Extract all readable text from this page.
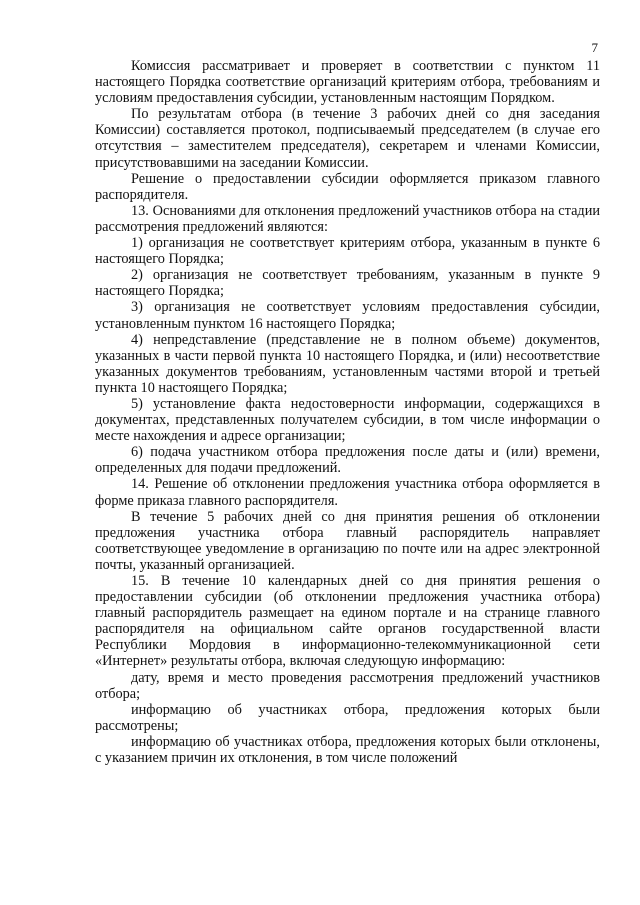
7

Комиссия рассматривает и проверяет в соответствии с пунктом 11 настоящего Порядка соответствие организаций критериям отбора, требованиям и условиям предоставления субсидии, установленным настоящим Порядком.

По результатам отбора (в течение 3 рабочих дней со дня заседания Комиссии) составляется протокол, подписываемый председателем (в случае его отсутствия – заместителем председателя), секретарем и членами Комиссии, присутствовавшими на заседании Комиссии.

Решение о предоставлении субсидии оформляется приказом главного распорядителя.

13. Основаниями для отклонения предложений участников отбора на стадии рассмотрения предложений являются:

1) организация не соответствует критериям отбора, указанным в пункте 6 настоящего Порядка;

2) организация не соответствует требованиям, указанным в пункте 9 настоящего Порядка;

3) организация не соответствует условиям предоставления субсидии, установленным пунктом 16 настоящего Порядка;

4) непредставление (представление не в полном объеме) документов, указанных в части первой пункта 10 настоящего Порядка, и (или) несоответствие указанных документов требованиям, установленным частями второй и третьей пункта 10 настоящего Порядка;

5) установление факта недостоверности информации, содержащихся в документах, представленных получателем субсидии, в том числе информации о месте нахождения и адресе организации;

6) подача участником отбора предложения после даты и (или) времени, определенных для подачи предложений.

14. Решение об отклонении предложения участника отбора оформляется в форме приказа главного распорядителя.

В течение 5 рабочих дней со дня принятия решения об отклонении предложения участника отбора главный распорядитель направляет соответствующее уведомление в организацию по почте или на адрес электронной почты, указанный организацией.

15. В течение 10 календарных дней со дня принятия решения о предоставлении субсидии (об отклонении предложения участника отбора) главный распорядитель размещает на едином портале и на странице главного распорядителя на официальном сайте органов государственной власти Республики Мордовия в информационно-телекоммуникационной сети «Интернет» результаты отбора, включая следующую информацию:

дату, время и место проведения рассмотрения предложений участников отбора;

информацию об участниках отбора, предложения которых были рассмотрены;

информацию об участниках отбора, предложения которых были отклонены, с указанием причин их отклонения, в том числе положений
